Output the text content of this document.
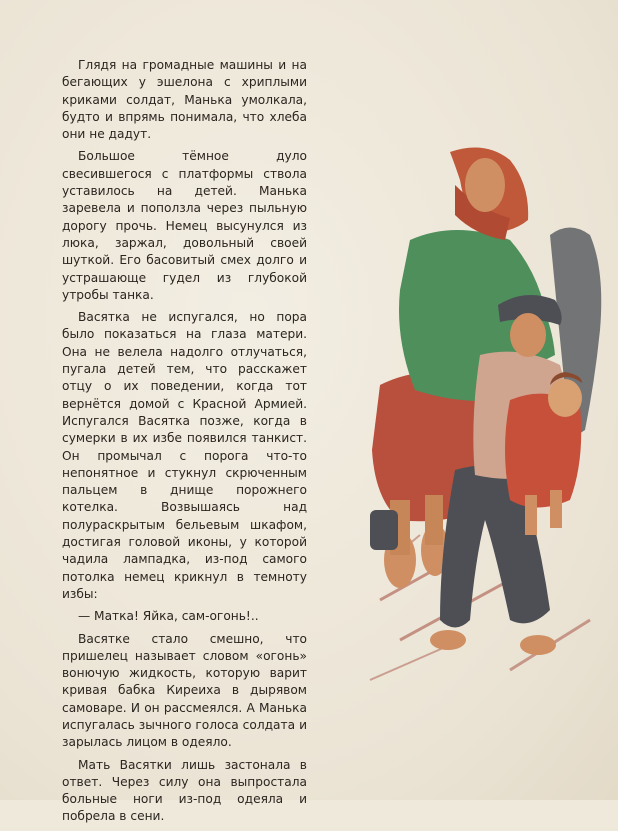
Глядя на громадные машины и на бегающих у эшелона с хриплыми криками солдат, Манька умолкала, будто и впрямь понимала, что хлеба они не дадут.

Большое тёмное дуло свесившегося с платформы ствола уставилось на детей. Манька заревела и поползла через пыльную дорогу прочь. Немец высунулся из люка, заржал, довольный своей шуткой. Его басовитый смех долго и устрашающе гудел из глубокой утробы танка.

Васятка не испугался, но пора было показаться на глаза матери. Она не велела надолго отлучаться, пугала детей тем, что расскажет отцу о их поведении, когда тот вернётся домой с Красной Армией. Испугался Васятка позже, когда в сумерки в их избе появился танкист. Он промычал с порога что-то непонятное и стукнул скрюченным пальцем в днище порожнего котелка. Возвышаясь над полураскрытым бельевым шкафом, достигая головой иконы, у которой чадила лампадка, из-под самого потолка немец крикнул в темноту избы:

— Матка! Яйка, сам-огонь!..

Васятке стало смешно, что пришелец называет словом «огонь» вонючую жидкость, которую варит кривая бабка Киреиха в дырявом самоваре. И он рассмеялся. А Манька испугалась зычного голоса солдата и зарылась лицом в одеяло.

Мать Васятки лишь застонала в ответ. Через силу она выпростала больные ноги из-под одеяла и побрела в сени.
